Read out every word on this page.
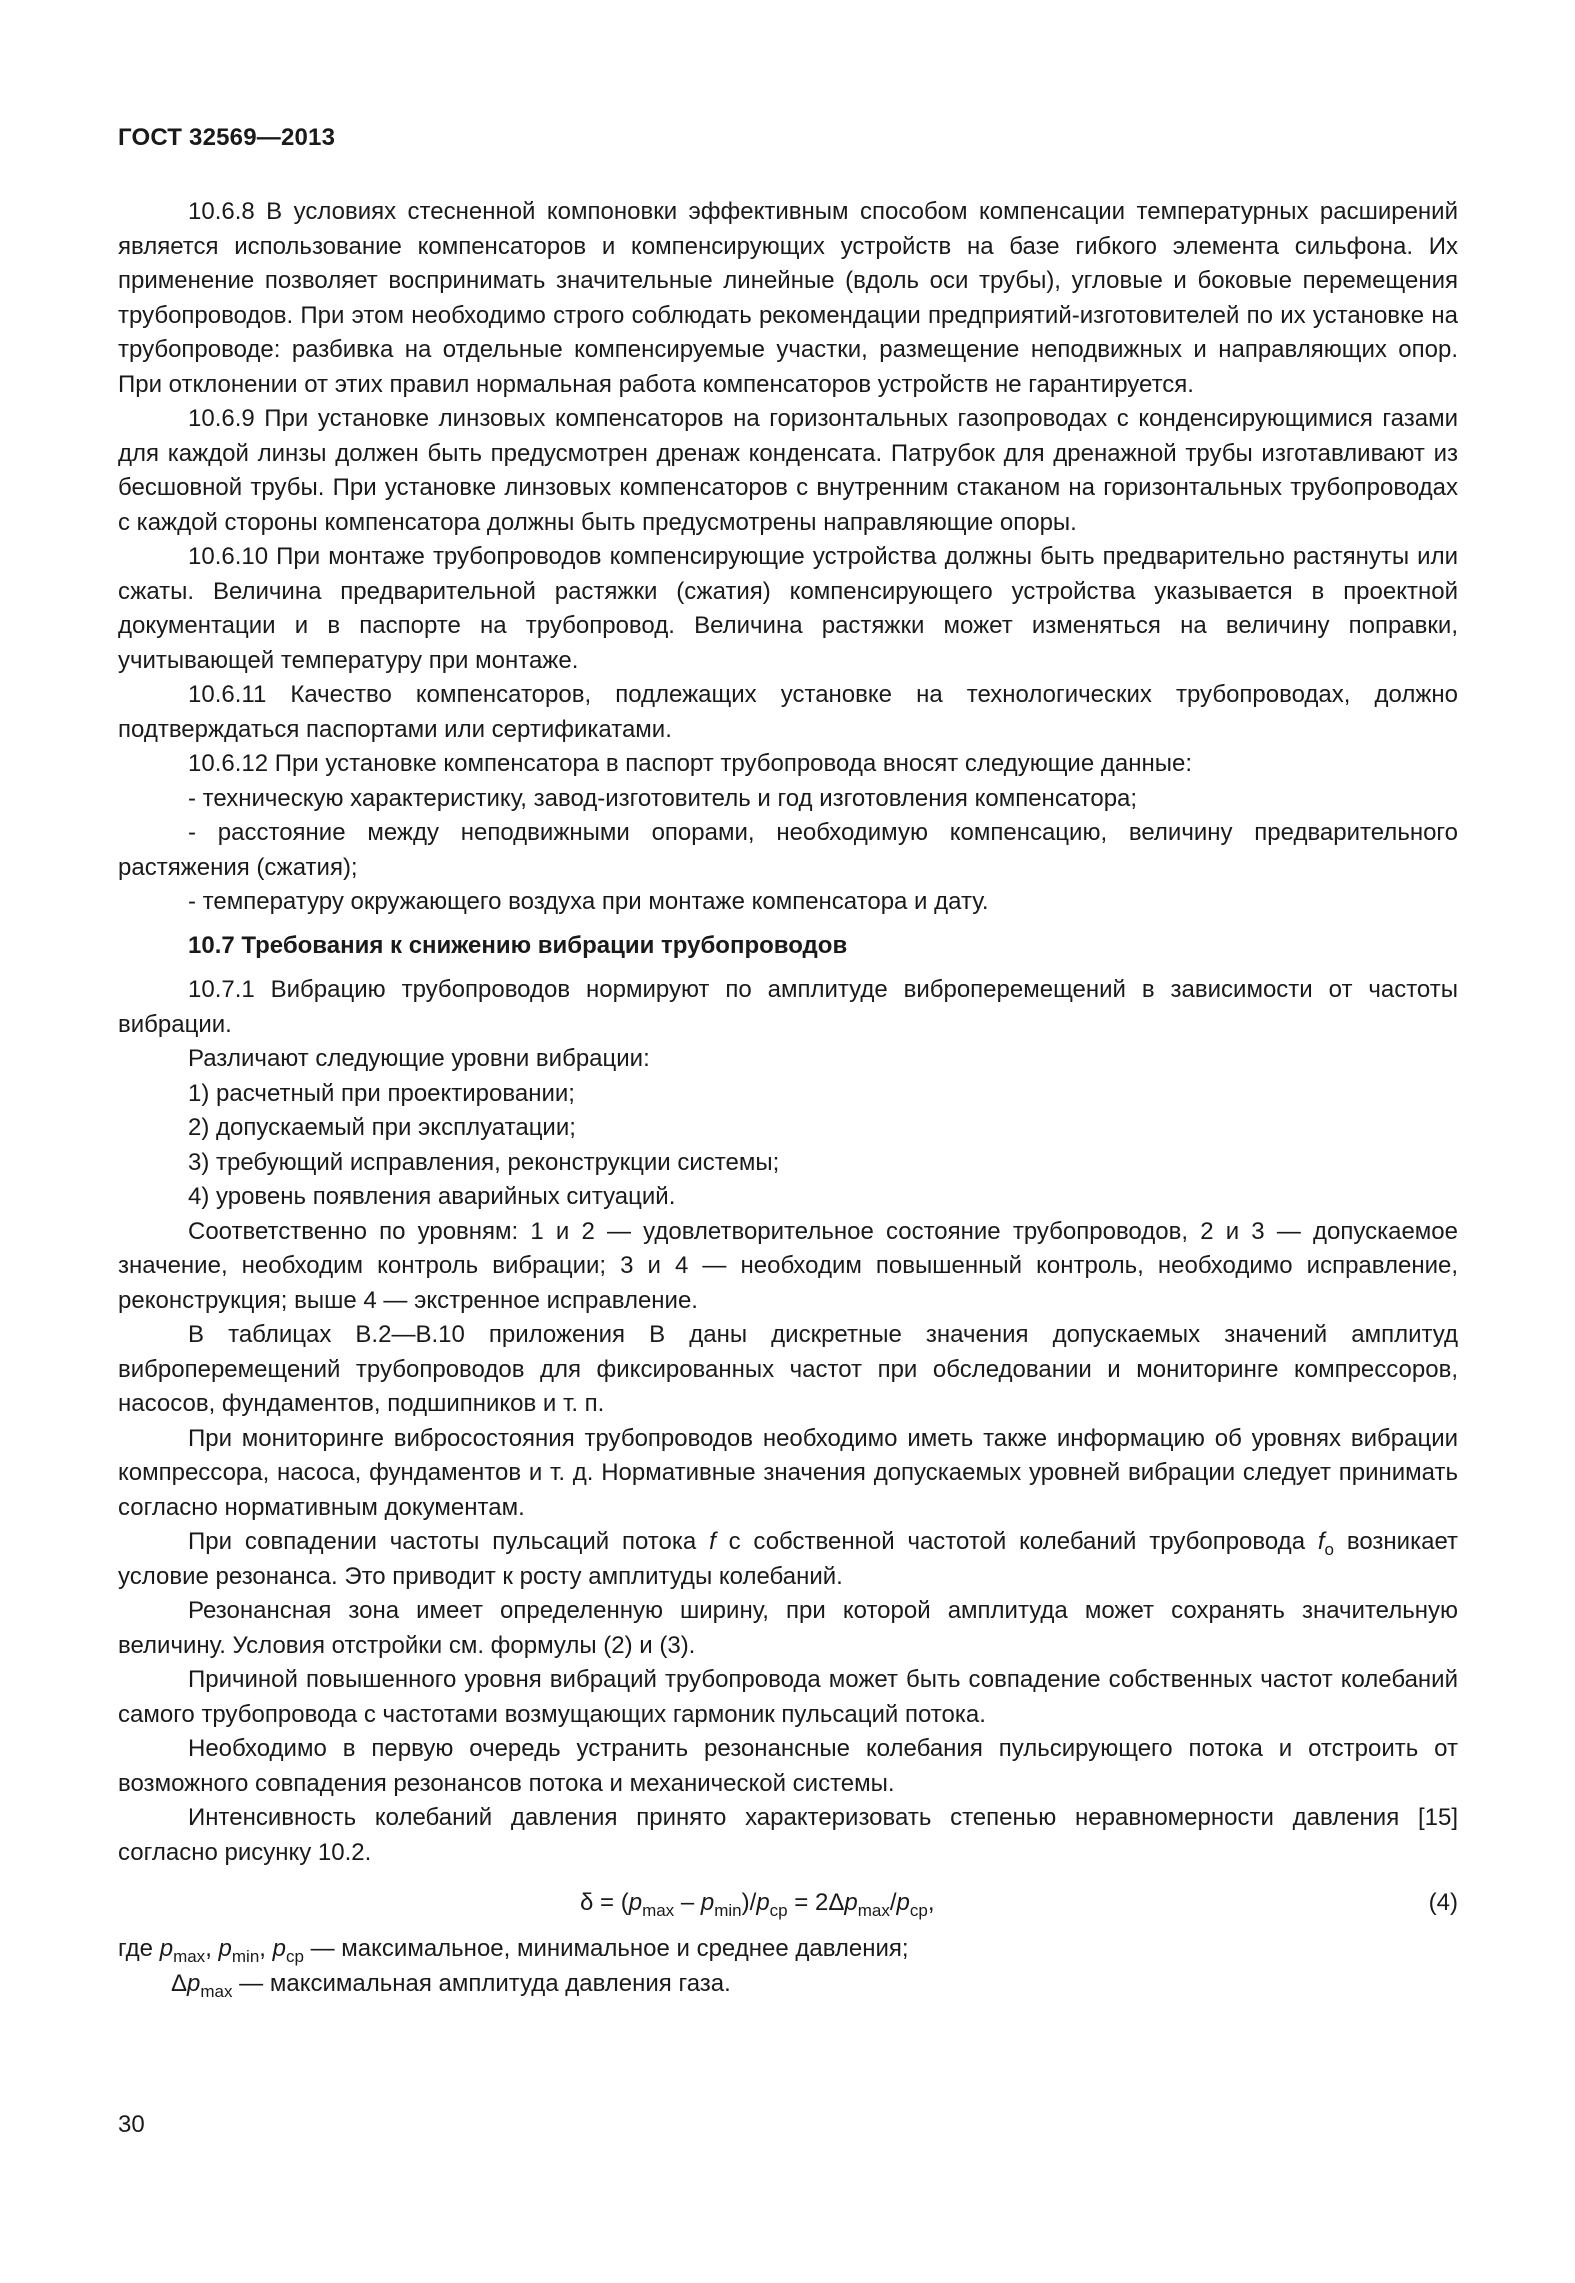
ГОСТ 32569—2013

10.6.8 В условиях стесненной компоновки эффективным способом компенсации температурных расширений является использование компенсаторов и компенсирующих устройств на базе гибкого элемента сильфона. Их применение позволяет воспринимать значительные линейные (вдоль оси трубы), угловые и боковые перемещения трубопроводов. При этом необходимо строго соблюдать рекомендации предприятий-изготовителей по их установке на трубопроводе: разбивка на отдельные компенсируемые участки, размещение неподвижных и направляющих опор. При отклонении от этих правил нормальная работа компенсаторов устройств не гарантируется.

10.6.9 При установке линзовых компенсаторов на горизонтальных газопроводах с конденсирующимися газами для каждой линзы должен быть предусмотрен дренаж конденсата. Патрубок для дренажной трубы изготавливают из бесшовной трубы. При установке линзовых компенсаторов с внутренним стаканом на горизонтальных трубопроводах с каждой стороны компенсатора должны быть предусмотрены направляющие опоры.

10.6.10 При монтаже трубопроводов компенсирующие устройства должны быть предварительно растянуты или сжаты. Величина предварительной растяжки (сжатия) компенсирующего устройства указывается в проектной документации и в паспорте на трубопровод. Величина растяжки может изменяться на величину поправки, учитывающей температуру при монтаже.

10.6.11 Качество компенсаторов, подлежащих установке на технологических трубопроводах, должно подтверждаться паспортами или сертификатами.

10.6.12 При установке компенсатора в паспорт трубопровода вносят следующие данные:

- техническую характеристику, завод-изготовитель и год изготовления компенсатора;

- расстояние между неподвижными опорами, необходимую компенсацию, величину предварительного растяжения (сжатия);

- температуру окружающего воздуха при монтаже компенсатора и дату.

10.7 Требования к снижению вибрации трубопроводов

10.7.1 Вибрацию трубопроводов нормируют по амплитуде виброперемещений в зависимости от частоты вибрации.

Различают следующие уровни вибрации:

1) расчетный при проектировании;

2) допускаемый при эксплуатации;

3) требующий исправления, реконструкции системы;

4) уровень появления аварийных ситуаций.

Соответственно по уровням: 1 и 2 — удовлетворительное состояние трубопроводов, 2 и 3 — допускаемое значение, необходим контроль вибрации; 3 и 4 — необходим повышенный контроль, необходимо исправление, реконструкция; выше 4 — экстренное исправление.

В таблицах В.2—В.10 приложения В даны дискретные значения допускаемых значений амплитуд виброперемещений трубопроводов для фиксированных частот при обследовании и мониторинге компрессоров, насосов, фундаментов, подшипников и т. п.

При мониторинге вибросостояния трубопроводов необходимо иметь также информацию об уровнях вибрации компрессора, насоса, фундаментов и т. д. Нормативные значения допускаемых уровней вибрации следует принимать согласно нормативным документам.

При совпадении частоты пульсаций потока f с собственной частотой колебаний трубопровода $f_o$ возникает условие резонанса. Это приводит к росту амплитуды колебаний.

Резонансная зона имеет определенную ширину, при которой амплитуда может сохранять значительную величину. Условия отстройки см. формулы (2) и (3).

Причиной повышенного уровня вибраций трубопровода может быть совпадение собственных частот колебаний самого трубопровода с частотами возмущающих гармоник пульсаций потока.

Необходимо в первую очередь устранить резонансные колебания пульсирующего потока и отстроить от возможного совпадения резонансов потока и механической системы.

Интенсивность колебаний давления принято характеризовать степенью неравномерности давления [15] согласно рисунку 10.2.

$\delta = (p_{max} - p_{min})/p_{ср} = 2\Delta p_{max}/p_{ср}$,	(4)

где $p_{max}$, $p_{min}$, $p_{ср}$ — максимальное, минимальное и среднее давления;

$\Delta p_{max}$ — максимальная амплитуда давления газа.

30
